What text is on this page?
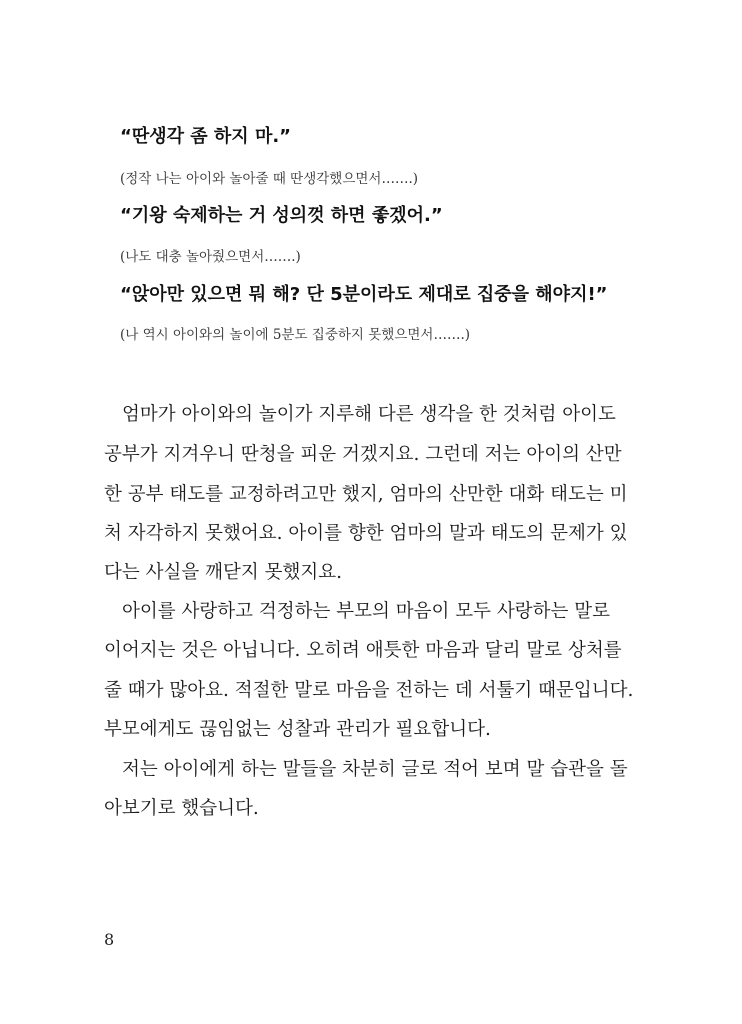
“딴생각 좀 하지 마.”
(정작 나는 아이와 놀아줄 때 딴생각했으면서…….)
“기왕 숙제하는 거 성의껏 하면 좋겠어.”
(나도 대충 놀아줬으면서…….)
“앉아만 있으면 뭐 해? 단 5분이라도 제대로 집중을 해야지!”
(나 역시 아이와의 놀이에 5분도 집중하지 못했으면서…….)
엄마가 아이와의 놀이가 지루해 다른 생각을 한 것처럼 아이도
공부가 지겨우니 딴청을 피운 거겠지요. 그런데 저는 아이의 산만
한 공부 태도를 교정하려고만 했지, 엄마의 산만한 대화 태도는 미
처 자각하지 못했어요. 아이를 향한 엄마의 말과 태도의 문제가 있
다는 사실을 깨닫지 못했지요.
아이를 사랑하고 걱정하는 부모의 마음이 모두 사랑하는 말로
이어지는 것은 아닙니다. 오히려 애틋한 마음과 달리 말로 상처를
줄 때가 많아요. 적절한 말로 마음을 전하는 데 서툴기 때문입니다.
부모에게도 끊임없는 성찰과 관리가 필요합니다.
저는 아이에게 하는 말들을 차분히 글로 적어 보며 말 습관을 돌
아보기로 했습니다.
8
